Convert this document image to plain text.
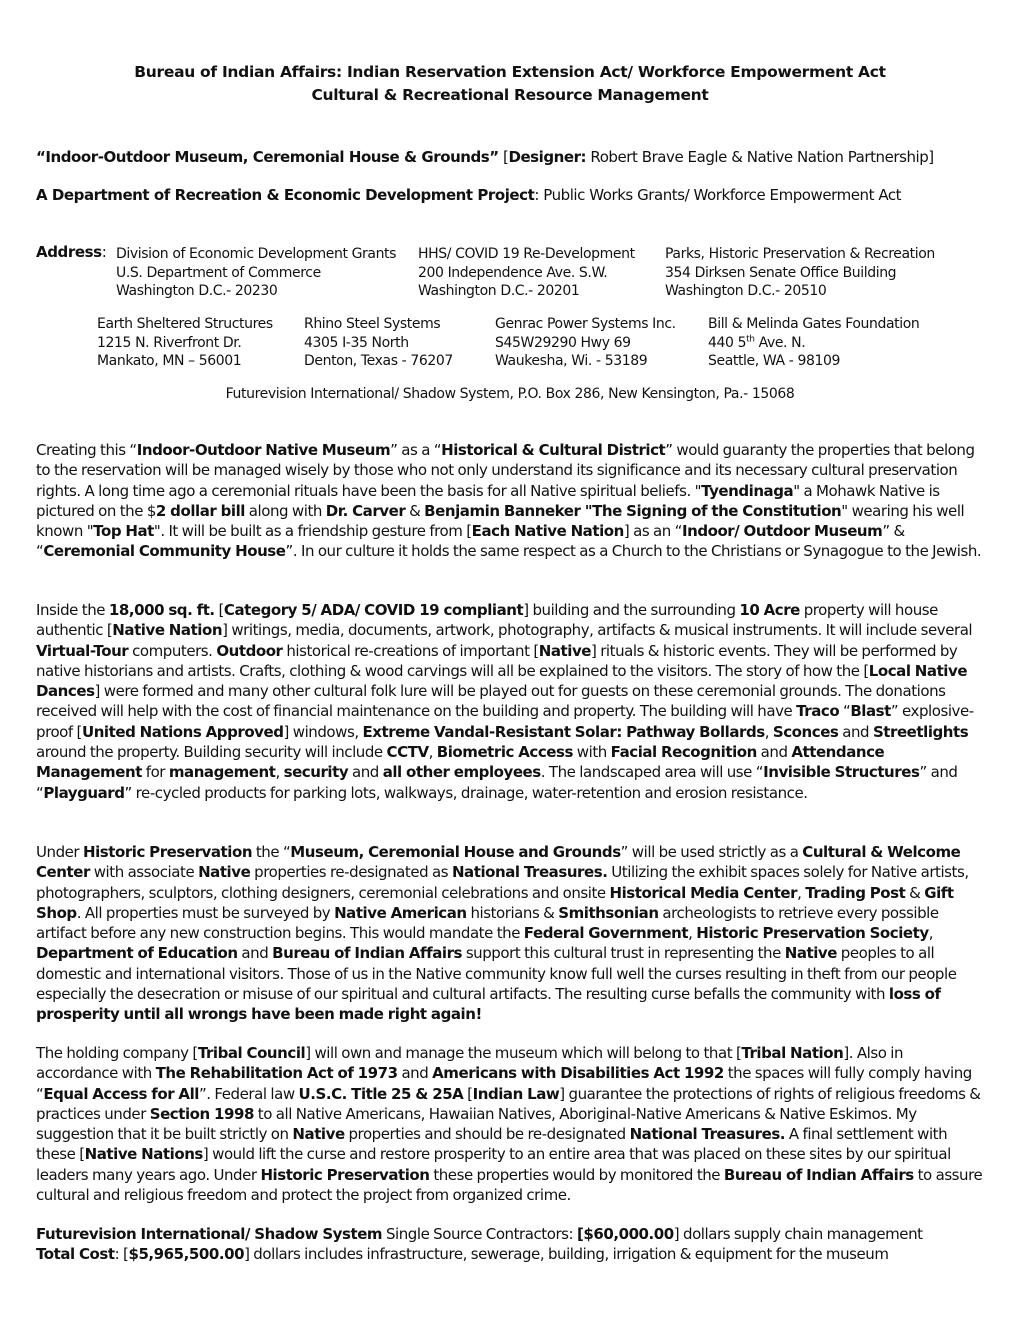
Bureau of Indian Affairs: Indian Reservation Extension Act/ Workforce Empowerment Act
Cultural & Recreational Resource Management
“Indoor-Outdoor Museum, Ceremonial House & Grounds” [Designer: Robert Brave Eagle & Native Nation Partnership]
A Department of Recreation & Economic Development Project: Public Works Grants/ Workforce Empowerment Act
Address: Division of Economic Development Grants
U.S. Department of Commerce
Washington D.C.- 20230
HHS/ COVID 19 Re-Development
200 Independence Ave. S.W.
Washington D.C.- 20201
Parks, Historic Preservation & Recreation
354 Dirksen Senate Office Building
Washington D.C.- 20510
Earth Sheltered Structures
1215 N. Riverfront Dr.
Mankato, MN – 56001
Rhino Steel Systems
4305 I-35 North
Denton, Texas - 76207
Genrac Power Systems Inc.
S45W29290 Hwy 69
Waukesha, Wi. - 53189
Bill & Melinda Gates Foundation
440 5th Ave. N.
Seattle, WA - 98109
Futurevision International/ Shadow System, P.O. Box 286, New Kensington, Pa.- 15068
Creating this “Indoor-Outdoor Native Museum” as a “Historical & Cultural District” would guaranty the properties that belong to the reservation will be managed wisely by those who not only understand its significance and its necessary cultural preservation rights. A long time ago a ceremonial rituals have been the basis for all Native spiritual beliefs. "Tyendinaga" a Mohawk Native is pictured on the $2 dollar bill along with Dr. Carver & Benjamin Banneker "The Signing of the Constitution" wearing his well known "Top Hat". It will be built as a friendship gesture from [Each Native Nation] as an “Indoor/ Outdoor Museum” & “Ceremonial Community House”. In our culture it holds the same respect as a Church to the Christians or Synagogue to the Jewish.
Inside the 18,000 sq. ft. [Category 5/ ADA/ COVID 19 compliant] building and the surrounding 10 Acre property will house authentic [Native Nation] writings, media, documents, artwork, photography, artifacts & musical instruments. It will include several Virtual-Tour computers. Outdoor historical re-creations of important [Native] rituals & historic events. They will be performed by native historians and artists. Crafts, clothing & wood carvings will all be explained to the visitors. The story of how the [Local Native Dances] were formed and many other cultural folk lure will be played out for guests on these ceremonial grounds. The donations received will help with the cost of financial maintenance on the building and property. The building will have Traco “Blast” explosive-proof [United Nations Approved] windows, Extreme Vandal-Resistant Solar: Pathway Bollards, Sconces and Streetlights around the property. Building security will include CCTV, Biometric Access with Facial Recognition and Attendance Management for management, security and all other employees. The landscaped area will use “Invisible Structures” and “Playguard” re-cycled products for parking lots, walkways, drainage, water-retention and erosion resistance.
Under Historic Preservation the “Museum, Ceremonial House and Grounds” will be used strictly as a Cultural & Welcome Center with associate Native properties re-designated as National Treasures. Utilizing the exhibit spaces solely for Native artists, photographers, sculptors, clothing designers, ceremonial celebrations and onsite Historical Media Center, Trading Post & Gift Shop. All properties must be surveyed by Native American historians & Smithsonian archeologists to retrieve every possible artifact before any new construction begins. This would mandate the Federal Government, Historic Preservation Society, Department of Education and Bureau of Indian Affairs support this cultural trust in representing the Native peoples to all domestic and international visitors. Those of us in the Native community know full well the curses resulting in theft from our people especially the desecration or misuse of our spiritual and cultural artifacts. The resulting curse befalls the community with loss of prosperity until all wrongs have been made right again!
The holding company [Tribal Council] will own and manage the museum which will belong to that [Tribal Nation]. Also in accordance with The Rehabilitation Act of 1973 and Americans with Disabilities Act 1992 the spaces will fully comply having “Equal Access for All”. Federal law U.S.C. Title 25 & 25A [Indian Law] guarantee the protections of rights of religious freedoms & practices under Section 1998 to all Native Americans, Hawaiian Natives, Aboriginal-Native Americans & Native Eskimos. My suggestion that it be built strictly on Native properties and should be re-designated National Treasures. A final settlement with these [Native Nations] would lift the curse and restore prosperity to an entire area that was placed on these sites by our spiritual leaders many years ago. Under Historic Preservation these properties would by monitored the Bureau of Indian Affairs to assure cultural and religious freedom and protect the project from organized crime.
Futurevision International/ Shadow System Single Source Contractors: [$60,000.00] dollars supply chain management
Total Cost: [$5,965,500.00] dollars includes infrastructure, sewerage, building, irrigation & equipment for the museum
